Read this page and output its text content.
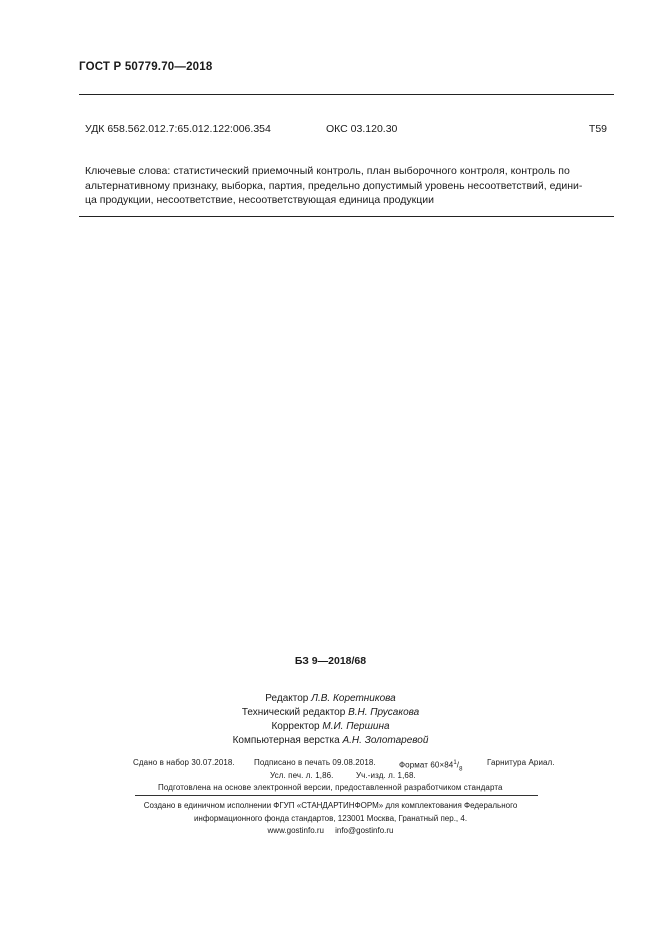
ГОСТ Р 50779.70—2018
УДК 658.562.012.7:65.012.122:006.354	ОКС 03.120.30	Т59
Ключевые слова: статистический приемочный контроль, план выборочного контроля, контроль по
альтернативному признаку, выборка, партия, предельно допустимый уровень несоответствий, едини-
ца продукции, несоответствие, несоответствующая единица продукции
БЗ 9—2018/68
Редактор Л.В. Коретникова
Технический редактор В.Н. Прусакова
Корректор М.И. Першина
Компьютерная верстка А.Н. Золотаревой
Сдано в набор 30.07.2018. Подписано в печать 09.08.2018.	Формат $60\times 84^1/_8$
Гарнитура Ариал.
Усл. печ. л. 1,86.	Уч.-изд. л. 1,68.
Подготовлена на основе электронной версии, предоставленной разработчиком стандарта
Создано в единичном исполнении ФГУП «СТАНДАРТИНФОРМ» для комплектования Федерального
информационного фонда стандартов, 123001 Москва, Гранатный пер., 4.
www.gostinfo.ru     info@gostinfo.ru
